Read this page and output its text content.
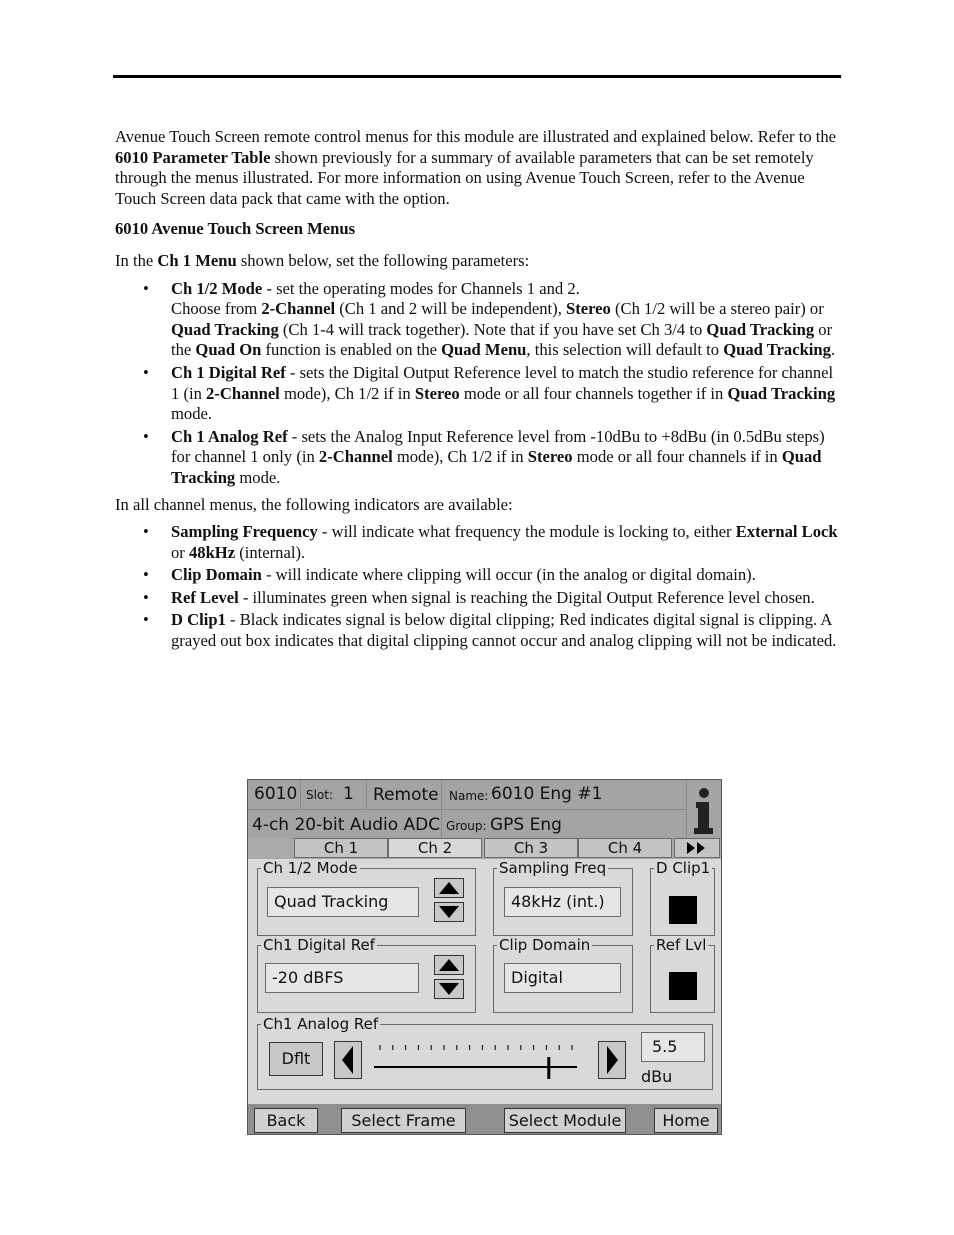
Avenue Touch Screen remote control menus for this module are illustrated and explained below. Refer to the 6010 Parameter Table shown previously for a summary of available parameters that can be set remotely through the menus illustrated. For more information on using Avenue Touch Screen, refer to the Avenue Touch Screen data pack that came with the option.

6010 Avenue Touch Screen Menus

In the Ch 1 Menu shown below, set the following parameters:

• Ch 1/2 Mode - set the operating modes for Channels 1 and 2.
Choose from 2-Channel (Ch 1 and 2 will be independent), Stereo (Ch 1/2 will be a stereo pair) or Quad Tracking (Ch 1-4 will track together). Note that if you have set Ch 3/4 to Quad Tracking or the Quad On function is enabled on the Quad Menu, this selection will default to Quad Tracking.
• Ch 1 Digital Ref - sets the Digital Output Reference level to match the studio reference for channel 1 (in 2-Channel mode), Ch 1/2 if in Stereo mode or all four channels together if in Quad Tracking mode.
• Ch 1 Analog Ref - sets the Analog Input Reference level from -10dBu to +8dBu (in 0.5dBu steps) for channel 1 only (in 2-Channel mode), Ch 1/2 if in Stereo mode or all four channels if in Quad Tracking mode.

In all channel menus, the following indicators are available:

• Sampling Frequency - will indicate what frequency the module is locking to, either External Lock or 48kHz (internal).
• Clip Domain - will indicate where clipping will occur (in the analog or digital domain).
• Ref Level - illuminates green when signal is reaching the Digital Output Reference level chosen.
• D Clip1 - Black indicates signal is below digital clipping; Red indicates digital signal is clipping. A grayed out box indicates that digital clipping cannot occur and analog clipping will not be indicated.
6010 Slot: 1 Remote Name: 6010 Eng #1
4-ch 20-bit Audio ADC Group: GPS Eng
Ch 1	Ch 2	Ch 3	Ch 4
Ch 1/2 Mode
Quad Tracking
Sampling Freq
48kHz (int.)
D Clip1
Ch1 Digital Ref
-20 dBFS
Clip Domain
Digital
Ref Lvl
Ch1 Analog Ref
Dflt
5.5
dBu
Back	Select Frame	Select Module	Home
